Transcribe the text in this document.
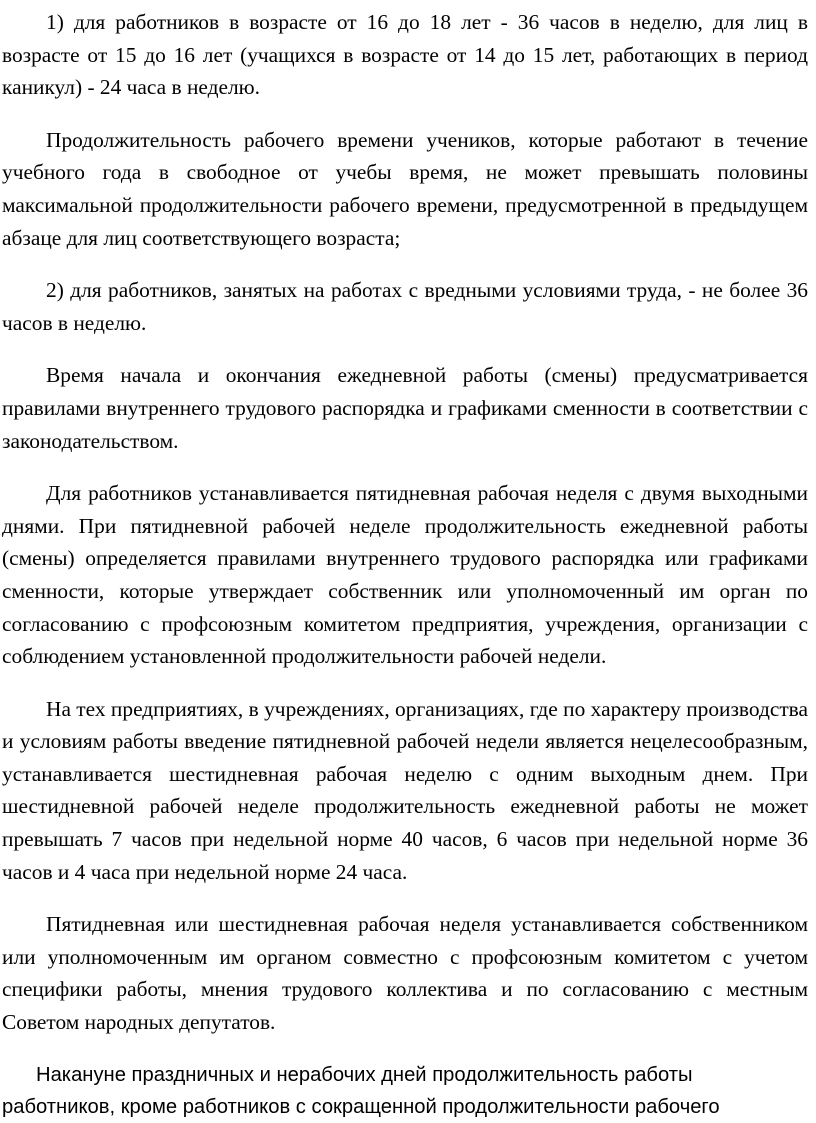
1) для работников в возрасте от 16 до 18 лет - 36 часов в неделю, для лиц в возрасте от 15 до 16 лет (учащихся в возрасте от 14 до 15 лет, работающих в период каникул) - 24 часа в неделю.

Продолжительность рабочего времени учеников, которые работают в течение учебного года в свободное от учебы время, не может превышать половины максимальной продолжительности рабочего времени, предусмотренной в предыдущем абзаце для лиц соответствующего возраста;

2) для работников, занятых на работах с вредными условиями труда, - не более 36 часов в неделю.

Время начала и окончания ежедневной работы (смены) предусматривается правилами внутреннего трудового распорядка и графиками сменности в соответствии с законодательством.

Для работников устанавливается пятидневная рабочая неделя с двумя выходными днями. При пятидневной рабочей неделе продолжительность ежедневной работы (смены) определяется правилами внутреннего трудового распорядка или графиками сменности, которые утверждает собственник или уполномоченный им орган по согласованию с профсоюзным комитетом предприятия, учреждения, организации с соблюдением установленной продолжительности рабочей недели.

На тех предприятиях, в учреждениях, организациях, где по характеру производства и условиям работы введение пятидневной рабочей недели является нецелесообразным, устанавливается шестидневная рабочая неделю с одним выходным днем. При шестидневной рабочей неделе продолжительность ежедневной работы не может превышать 7 часов при недельной норме 40 часов, 6 часов при недельной норме 36 часов и 4 часа при недельной норме 24 часа.

Пятидневная или шестидневная рабочая неделя устанавливается собственником или уполномоченным им органом совместно с профсоюзным комитетом с учетом специфики работы, мнения трудового коллектива и по согласованию с местным Советом народных депутатов.

Накануне праздничных и нерабочих дней продолжительность работы работников, кроме работников с сокращенной продолжительности рабочего
